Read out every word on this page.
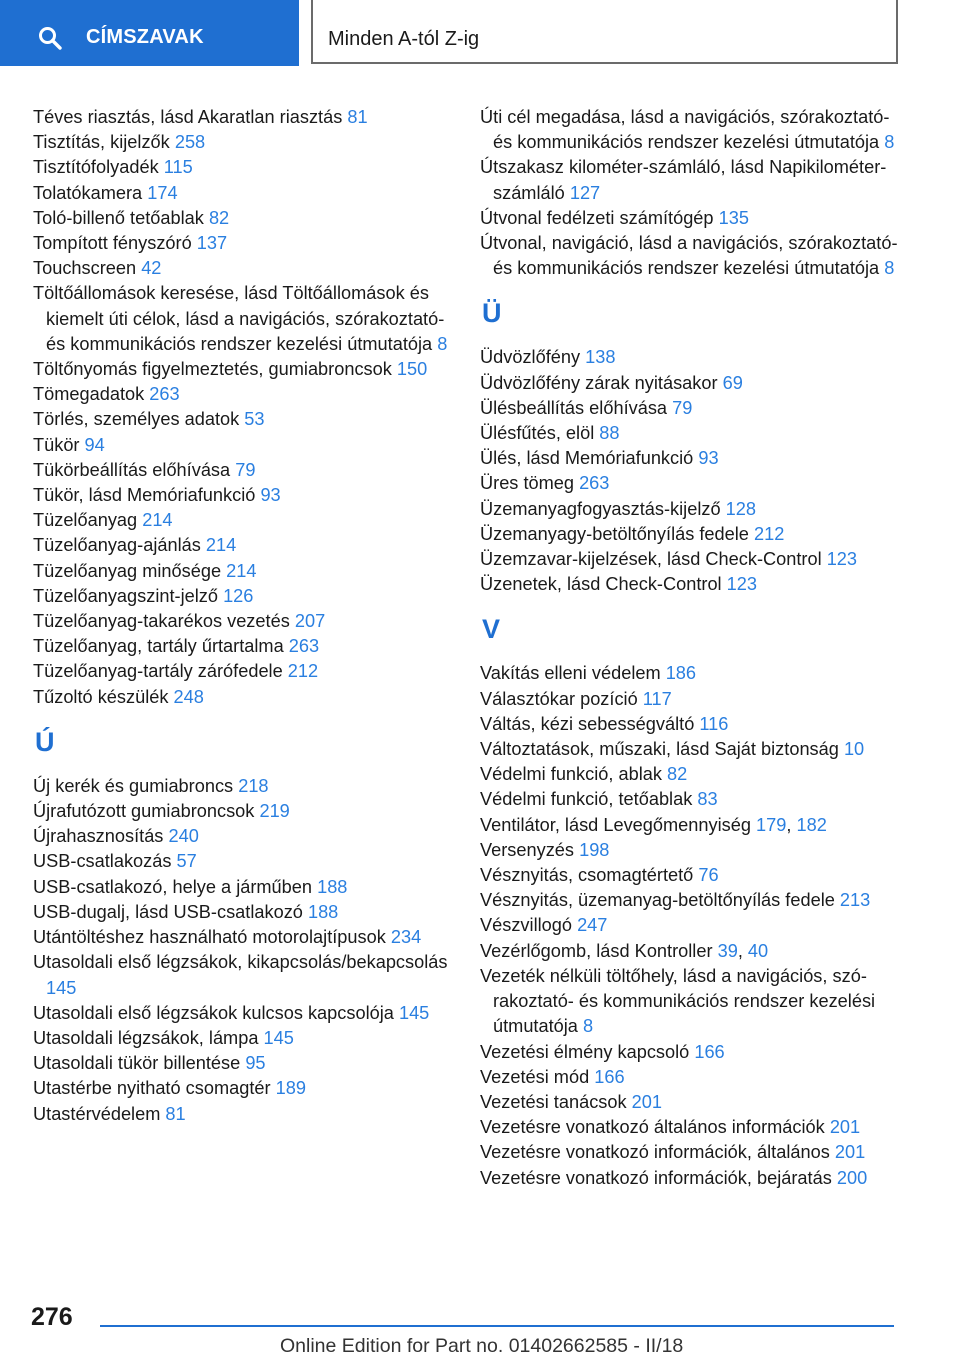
CÍMSZAVAK	Minden A-tól Z-ig
Téves riasztás, lásd Akaratlan riasztás 81
Tisztítás, kijelzők 258
Tisztítófolyadék 115
Tolatókamera 174
Toló-billenő tetőablak 82
Tompított fényszóró 137
Touchscreen 42
Töltőállomások keresése, lásd Töltőállomások és kiemelt úti célok, lásd a navigációs, szórakoztató- és kommunikációs rendszer kezelési útmutatója 8
Töltőnyomás figyelmeztetés, gumiabroncsok 150
Tömegadatok 263
Törlés, személyes adatok 53
Tükör 94
Tükörbeállítás előhívása 79
Tükör, lásd Memóriafunkció 93
Tüzelőanyag 214
Tüzelőanyag-ajánlás 214
Tüzelőanyag minősége 214
Tüzelőanyagszint-jelző 126
Tüzelőanyag-takarékos vezetés 207
Tüzelőanyag, tartály űrtartalma 263
Tüzelőanyag-tartály zárófedele 212
Tűzoltó készülék 248
Ú
Új kerék és gumiabroncs 218
Újrafutózott gumiabroncsok 219
Újrahasznosítás 240
USB-csatlakozás 57
USB-csatlakozó, helye a járműben 188
USB-dugalj, lásd USB-csatlakozó 188
Utántöltéshez használható motorolajtípusok 234
Utasoldali első légzsákok, kikapcsolás/bekapcsolás 145
Utasoldali első légzsákok kulcsos kapcsolója 145
Utasoldali légzsákok, lámpa 145
Utasoldali tükör billentése 95
Utastérbe nyitható csomagtér 189
Utastérvédelem 81
Úti cél megadása, lásd a navigációs, szórakoztató- és kommunikációs rendszer kezelési útmutatója 8
Útszakasz kilométer-számláló, lásd Napikilométer-számláló 127
Útvonal fedélzeti számítógép 135
Útvonal, navigáció, lásd a navigációs, szórakoztató- és kommunikációs rendszer kezelési útmutatója 8
Ü
Üdvözlőfény 138
Üdvözlőfény zárak nyitásakor 69
Ülésbeállítás előhívása 79
Ülésfűtés, elöl 88
Ülés, lásd Memóriafunkció 93
Üres tömeg 263
Üzemanyagfogyasztás-kijelző 128
Üzemanyagy-betöltőnyílás fedele 212
Üzemzavar-kijelzések, lásd Check-Control 123
Üzenetek, lásd Check-Control 123
V
Vakítás elleni védelem 186
Választókar pozíció 117
Váltás, kézi sebességváltó 116
Változtatások, műszaki, lásd Saját biztonság 10
Védelmi funkció, ablak 82
Védelmi funkció, tetőablak 83
Ventilátor, lásd Levegőmennyiség 179, 182
Versenyzés 198
Vésznyitás, csomagtértető 76
Vésznyitás, üzemanyag-betöltőnyílás fedele 213
Vészvillogó 247
Vezérlőgomb, lásd Kontroller 39, 40
Vezeték nélküli töltőhely, lásd a navigációs, szórakoztató- és kommunikációs rendszer kezelési útmutatója 8
Vezetési élmény kapcsoló 166
Vezetési mód 166
Vezetési tanácsok 201
Vezetésre vonatkozó általános információk 201
Vezetésre vonatkozó információk, általános 201
Vezetésre vonatkozó információk, bejáratás 200
276
Online Edition for Part no. 01402662585 - II/18
